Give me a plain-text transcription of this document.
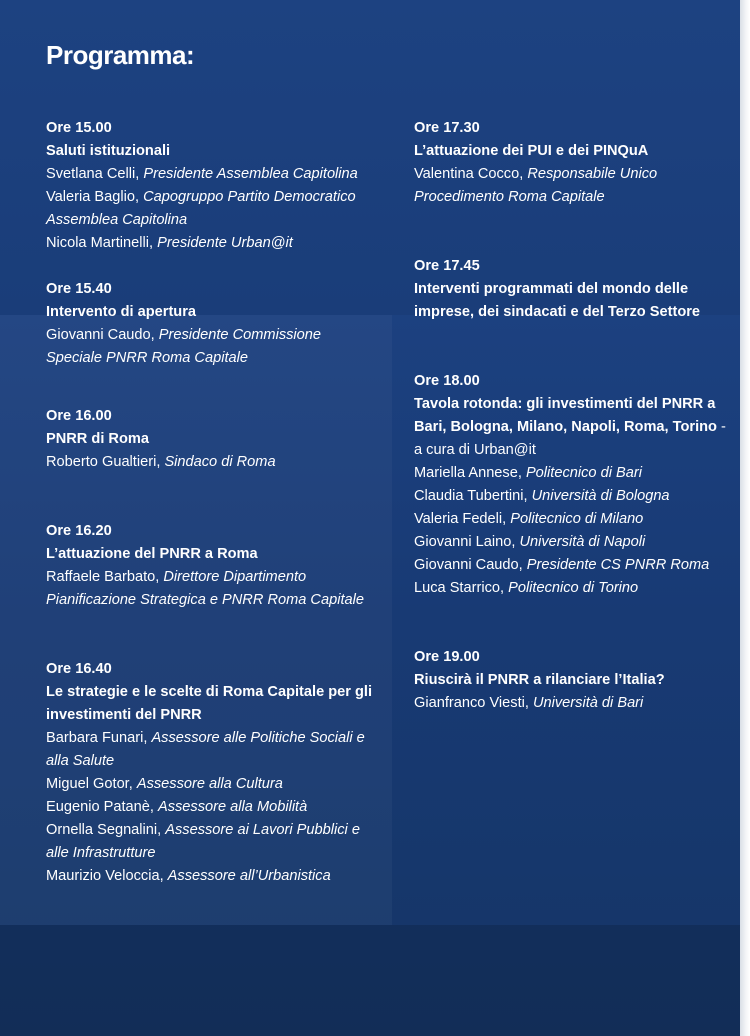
Programma:
Ore 15.00
Saluti istituzionali
Svetlana Celli, Presidente Assemblea Capitolina
Valeria Baglio, Capogruppo Partito Democratico Assemblea Capitolina
Nicola Martinelli, Presidente Urban@it
Ore 15.40
Intervento di apertura
Giovanni Caudo, Presidente Commissione Speciale PNRR Roma Capitale
Ore 16.00
PNRR di Roma
Roberto Gualtieri, Sindaco di Roma
Ore 16.20
L’attuazione del PNRR a Roma
Raffaele Barbato, Direttore Dipartimento Pianificazione Strategica e PNRR Roma Capitale
Ore 16.40
Le strategie e le scelte di Roma Capitale per gli investimenti del PNRR
Barbara Funari, Assessore alle Politiche Sociali e alla Salute
Miguel Gotor, Assessore alla Cultura
Eugenio Patanè, Assessore alla Mobilità
Ornella Segnalini, Assessore ai Lavori Pubblici e alle Infrastrutture
Maurizio Veloccia, Assessore all’Urbanistica
Ore 17.30
L’attuazione dei PUI e dei PINQuA
Valentina Cocco, Responsabile Unico Procedimento Roma Capitale
Ore 17.45
Interventi programmati del mondo delle imprese, dei sindacati e del Terzo Settore
Ore 18.00
Tavola rotonda: gli investimenti del PNRR a Bari, Bologna, Milano, Napoli, Roma, Torino - a cura di Urban@it
Mariella Annese, Politecnico di Bari
Claudia Tubertini, Università di Bologna
Valeria Fedeli, Politecnico di Milano
Giovanni Laino, Università di Napoli
Giovanni Caudo, Presidente CS PNRR Roma
Luca Starrico, Politecnico di Torino
Ore 19.00
Riuscirà il PNRR a rilanciare l’Italia?
Gianfranco Viesti, Università di Bari
